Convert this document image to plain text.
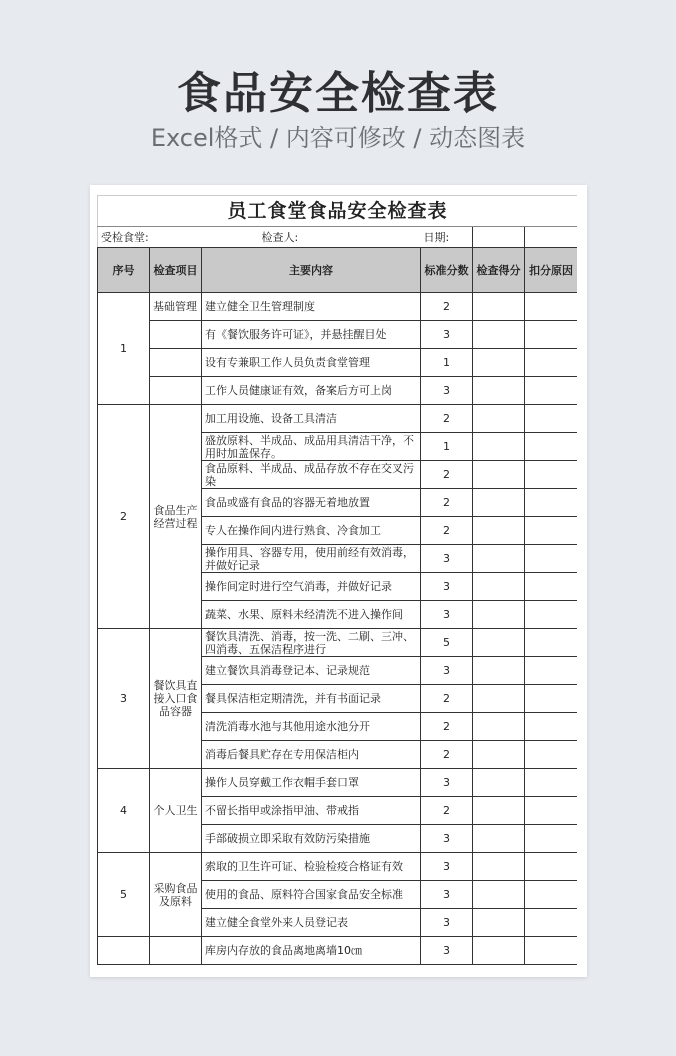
食品安全检查表
Excel格式 / 内容可修改 / 动态图表
员工食堂食品安全检查表					
受检食堂:		检查人:	日期:		
序号	检查项目	主要内容	标准分数	检查得分	扣分原因
1	基础管理	建立健全卫生管理制度	2		
		有《餐饮服务许可证》，并悬挂醒目处	3		
		设有专兼职工作人员负责食堂管理	1		
		工作人员健康证有效，备案后方可上岗	3		
2	食品生产经营过程	加工用设施、设备工具清洁	2		
		盛放原料、半成品、成品用具清洁干净，不用时加盖保存。	1		
		食品原料、半成品、成品存放不存在交叉污染	2		
		食品或盛有食品的容器无着地放置	2		
		专人在操作间内进行熟食、冷食加工	2		
		操作用具、容器专用，使用前经有效消毒，并做好记录	3		
		操作间定时进行空气消毒，并做好记录	3		
		蔬菜、水果、原料未经清洗不进入操作间	3		
3	餐饮具直接入口食品容器	餐饮具清洗、消毒，按一洗、二刷、三冲、四消毒、五保洁程序进行	5		
		建立餐饮具消毒登记本、记录规范	3		
		餐具保洁柜定期清洗，并有书面记录	2		
		清洗消毒水池与其他用途水池分开	2		
		消毒后餐具贮存在专用保洁柜内	2		
4	个人卫生	操作人员穿戴工作衣帽手套口罩	3		
		不留长指甲或涂指甲油、带戒指	2		
		手部破损立即采取有效防污染措施	3		
5	采购食品及原料	索取的卫生许可证、检验检疫合格证有效	3		
		使用的食品、原料符合国家食品安全标准	3		
		建立健全食堂外来人员登记表	3		
		库房内存放的食品离地离墙10㎝	3		
